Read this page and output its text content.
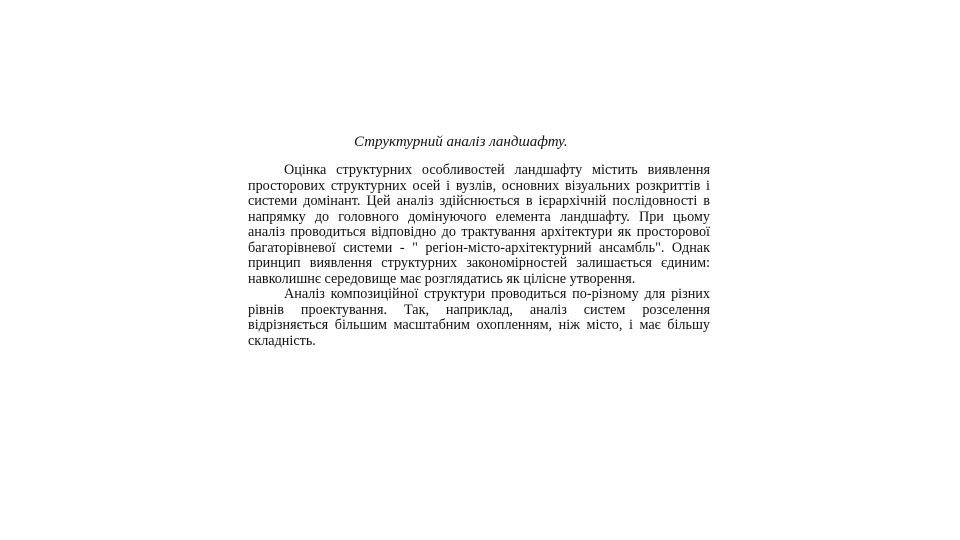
Структурний аналіз ландшафту.

Оцінка структурних особливостей ландшафту містить виявлення просторових структурних осей і вузлів, основних візуальних розкриттів і системи домінант. Цей аналіз здійснюється в ієрархічній послідовності в напрямку до головного домінуючого елемента ландшафту. При цьому аналіз проводиться відповідно до трактування архітектури як просторової багаторівневої системи - " регіон-місто-архітектурний ансамбль". Однак принцип виявлення структурних закономірностей залишається єдиним: навколишнє середовище має розглядатись як цілісне утворення.

Аналіз композиційної структури проводиться по-різному для різних рівнів проектування. Так, наприклад, аналіз систем розселення відрізняється більшим масштабним охопленням, ніж місто, і має більшу складність.
